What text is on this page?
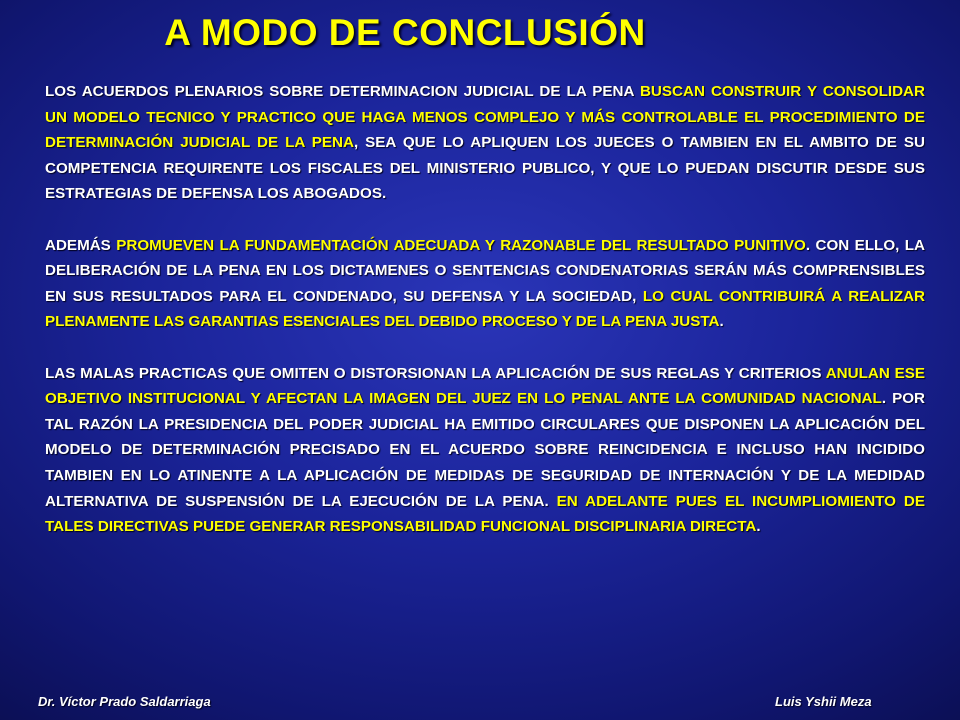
A MODO DE CONCLUSIÓN

LOS ACUERDOS PLENARIOS SOBRE DETERMINACION JUDICIAL DE LA PENA BUSCAN CONSTRUIR Y CONSOLIDAR UN MODELO TECNICO Y PRACTICO QUE HAGA MENOS COMPLEJO Y MÁS CONTROLABLE EL PROCEDIMIENTO DE DETERMINACIÓN JUDICIAL DE LA PENA, SEA QUE LO APLIQUEN LOS JUECES O TAMBIEN EN EL AMBITO DE SU COMPETENCIA REQUIRENTE LOS FISCALES DEL MINISTERIO PUBLICO, Y QUE LO PUEDAN DISCUTIR DESDE SUS ESTRATEGIAS DE DEFENSA LOS ABOGADOS.

ADEMÁS PROMUEVEN LA FUNDAMENTACIÓN ADECUADA Y RAZONABLE DEL RESULTADO PUNITIVO. CON ELLO, LA DELIBERACIÓN DE LA PENA EN LOS DICTAMENES O SENTENCIAS CONDENATORIAS SERÁN MÁS COMPRENSIBLES EN SUS RESULTADOS PARA EL CONDENADO, SU DEFENSA Y LA SOCIEDAD, LO CUAL CONTRIBUIRÁ A REALIZAR PLENAMENTE LAS GARANTIAS ESENCIALES DEL DEBIDO PROCESO Y DE LA PENA JUSTA.

LAS MALAS PRACTICAS QUE OMITEN O DISTORSIONAN LA APLICACIÓN DE SUS REGLAS Y CRITERIOS ANULAN ESE OBJETIVO INSTITUCIONAL Y AFECTAN LA IMAGEN DEL JUEZ EN LO PENAL ANTE LA COMUNIDAD NACIONAL. POR TAL RAZÓN LA PRESIDENCIA DEL PODER JUDICIAL HA EMITIDO CIRCULARES QUE DISPONEN LA APLICACIÓN DEL MODELO DE DETERMINACIÓN PRECISADO EN EL ACUERDO SOBRE REINCIDENCIA E INCLUSO HAN INCIDIDO TAMBIEN EN LO ATINENTE A LA APLICACIÓN DE MEDIDAS DE SEGURIDAD DE INTERNACIÓN Y DE LA MEDIDAD ALTERNATIVA DE SUSPENSIÓN DE LA EJECUCIÓN DE LA PENA. EN ADELANTE PUES EL INCUMPLIOMIENTO DE TALES DIRECTIVAS PUEDE GENERAR RESPONSABILIDAD FUNCIONAL DISCIPLINARIA DIRECTA.

Dr. Víctor Prado Saldarriaga	Luis Yshii Meza
